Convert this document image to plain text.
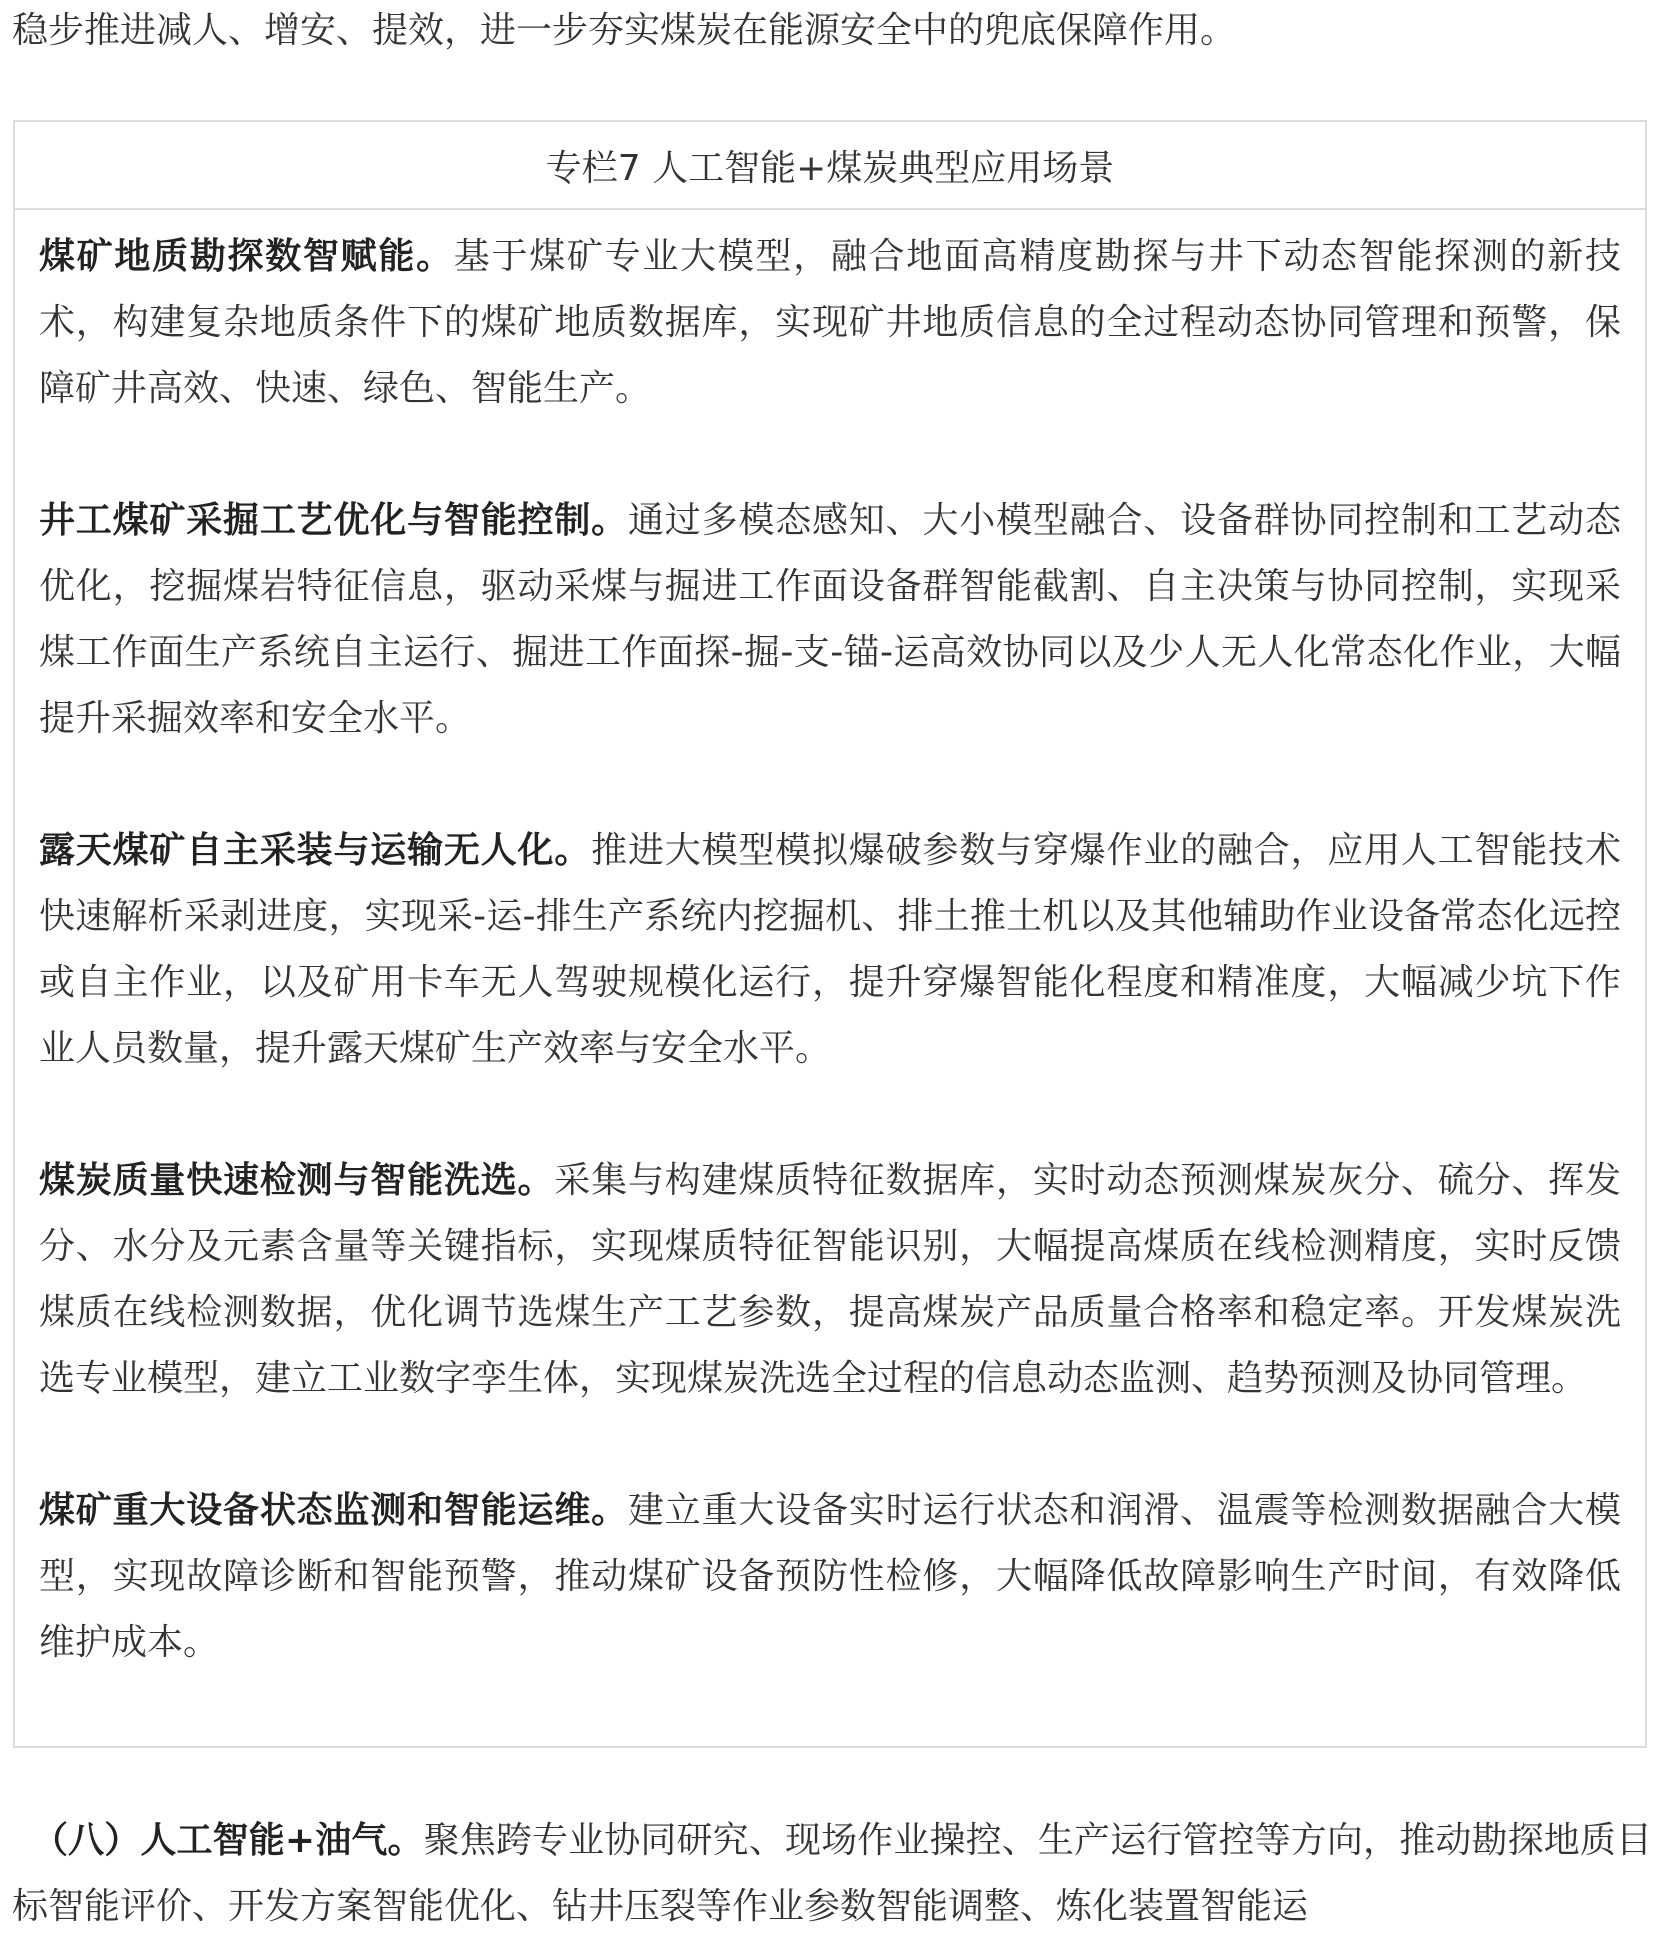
稳步推进减人、增安、提效，进一步夯实煤炭在能源安全中的兜底保障作用。
专栏7 人工智能+煤炭典型应用场景

煤矿地质勘探数智赋能。基于煤矿专业大模型，融合地面高精度勘探与井下动态智能探测的新技术，构建复杂地质条件下的煤矿地质数据库，实现矿井地质信息的全过程动态协同管理和预警，保障矿井高效、快速、绿色、智能生产。

井工煤矿采掘工艺优化与智能控制。通过多模态感知、大小模型融合、设备群协同控制和工艺动态优化，挖掘煤岩特征信息，驱动采煤与掘进工作面设备群智能截割、自主决策与协同控制，实现采煤工作面生产系统自主运行、掘进工作面探-掘-支-锚-运高效协同以及少人无人化常态化作业，大幅提升采掘效率和安全水平。

露天煤矿自主采装与运输无人化。推进大模型模拟爆破参数与穿爆作业的融合，应用人工智能技术快速解析采剥进度，实现采-运-排生产系统内挖掘机、排土推土机以及其他辅助作业设备常态化远控或自主作业，以及矿用卡车无人驾驶规模化运行，提升穿爆智能化程度和精准度，大幅减少坑下作业人员数量，提升露天煤矿生产效率与安全水平。

煤炭质量快速检测与智能洗选。采集与构建煤质特征数据库，实时动态预测煤炭灰分、硫分、挥发分、水分及元素含量等关键指标，实现煤质特征智能识别，大幅提高煤质在线检测精度，实时反馈煤质在线检测数据，优化调节选煤生产工艺参数，提高煤炭产品质量合格率和稳定率。开发煤炭洗选专业模型，建立工业数字孪生体，实现煤炭洗选全过程的信息动态监测、趋势预测及协同管理。

煤矿重大设备状态监测和智能运维。建立重大设备实时运行状态和润滑、温震等检测数据融合大模型，实现故障诊断和智能预警，推动煤矿设备预防性检修，大幅降低故障影响生产时间，有效降低维护成本。

（八）人工智能+油气。聚焦跨专业协同研究、现场作业操控、生产运行管控等方向，推动勘探地质目标智能评价、开发方案智能优化、钻井压裂等作业参数智能调整、炼化装置智能运
